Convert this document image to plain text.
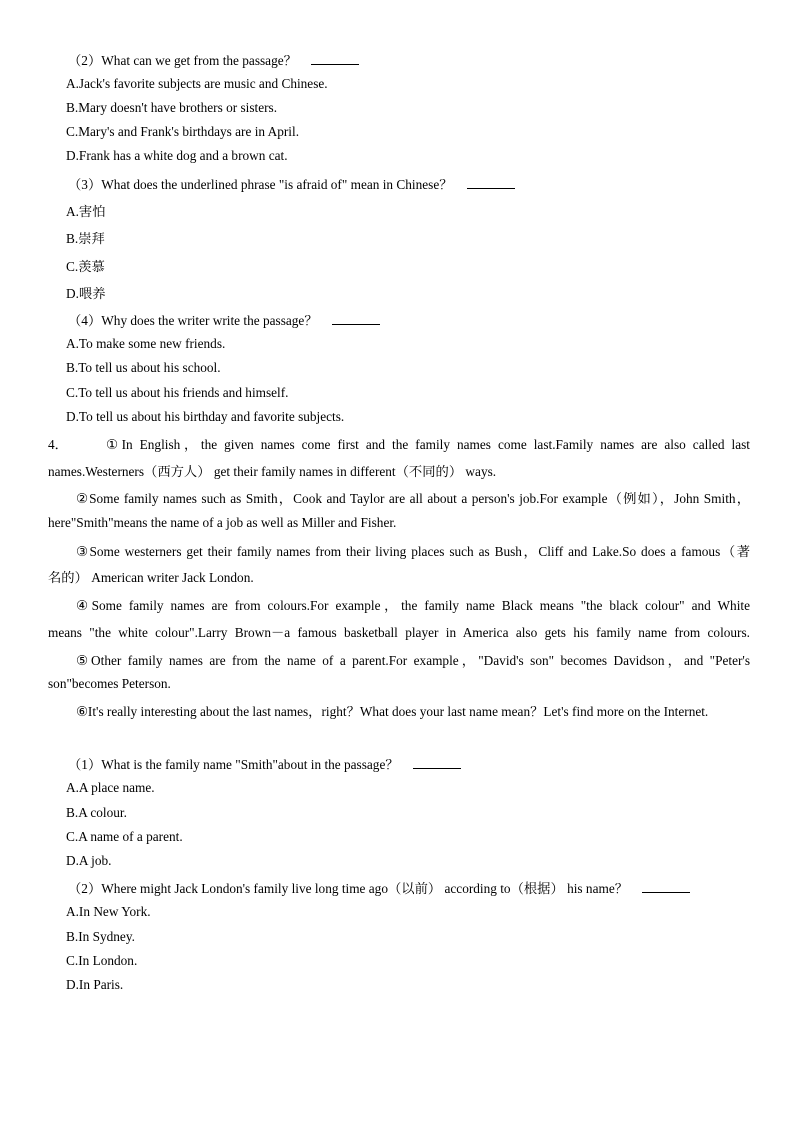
（2）What can we get from the passage？
A.Jack's favorite subjects are music and Chinese.
B.Mary doesn't have brothers or sisters.
C.Mary's and Frank's birthdays are in April.
D.Frank has a white dog and a brown cat.
（3）What does the underlined phrase "is afraid of" mean in Chinese？
A.害怕
B.崇拜
C.羡慕
D.喂养
（4）Why does the writer write the passage？
A.To make some new friends.
B.To tell us about his school.
C.To tell us about his friends and himself.
D.To tell us about his birthday and favorite subjects.
4．	①In English，the given names come first and the family names come last.Family names are also called last
names.Westerners（西方人） get their family names in different（不同的） ways.
②Some family names such as Smith，Cook and Taylor are all about a person's job.For example（例如），John Smith，
here"Smith"means the name of a job as well as Miller and Fisher.
③Some westerners get their family names from their living places such as Bush，Cliff and Lake.So does a famous（著
名的） American writer Jack London.
④Some family names are from colours.For example，the family name Black means "the black colour" and White
means "the white colour".Larry Brown－a famous basketball player in America also gets his family name from colours.
⑤Other family names are from the name of a parent.For example，"David's son" becomes Davidson，and "Peter's
son"becomes Peterson.
⑥It's really interesting about the last names，right？What does your last name mean？Let's find more on the Internet.
（1）What is the family name "Smith"about in the passage？
A.A place name.
B.A colour.
C.A name of a parent.
D.A job.
（2）Where might Jack London's family live long time ago（以前） according to（根据） his name？
A.In New York.
B.In Sydney.
C.In London.
D.In Paris.
